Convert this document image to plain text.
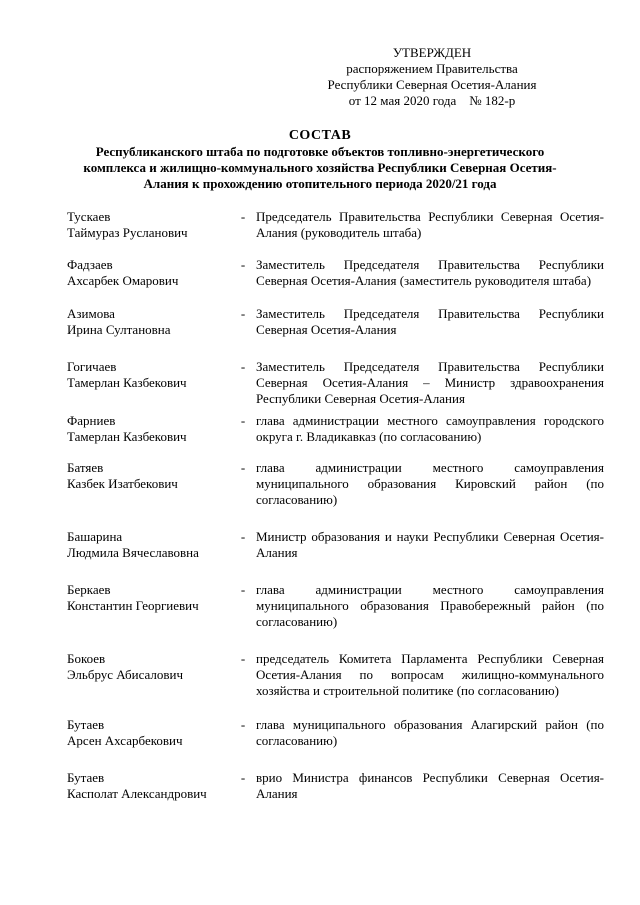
УТВЕРЖДЕН
распоряжением Правительства
Республики Северная Осетия-Алания
от 12 мая 2020 года    № 182-р
СОСТАВ
Республиканского штаба по подготовке объектов топливно-энергетического
комплекса и жилищно-коммунального хозяйства Республики Северная Осетия-
Алания к прохождению отопительного периода 2020/21 года
Тускаев
Таймураз Русланович
- Председатель Правительства Республики Северная Осетия-Алания (руководитель штаба)
Фадзаев
Ахсарбек Омарович
- Заместитель Председателя Правительства Республики Северная Осетия-Алания (заместитель руководителя штаба)
Азимова
Ирина Султановна
- Заместитель Председателя Правительства Республики Северная Осетия-Алания
Гогичаев
Тамерлан Казбекович
- Заместитель Председателя Правительства Республики Северная Осетия-Алания – Министр здравоохранения Республики Северная Осетия-Алания
Фарниев
Тамерлан Казбекович
- глава администрации местного самоуправления городского округа г. Владикавказ (по согласованию)
Батяев
Казбек Изатбекович
- глава администрации местного самоуправления муниципального образования Кировский район (по согласованию)
Башарина
Людмила Вячеславовна
- Министр образования и науки Республики Северная Осетия-Алания
Беркаев
Константин Георгиевич
- глава администрации местного самоуправления муниципального образования Правобережный район (по согласованию)
Бокоев
Эльбрус Абисалович
- председатель Комитета Парламента Республики Северная Осетия-Алания по вопросам жилищно-коммунального хозяйства и строительной политике (по согласованию)
Бутаев
Арсен Ахсарбекович
- глава муниципального образования Алагирский район (по согласованию)
Бутаев
Касполат Александрович
- врио Министра финансов Республики Северная Осетия-Алания
